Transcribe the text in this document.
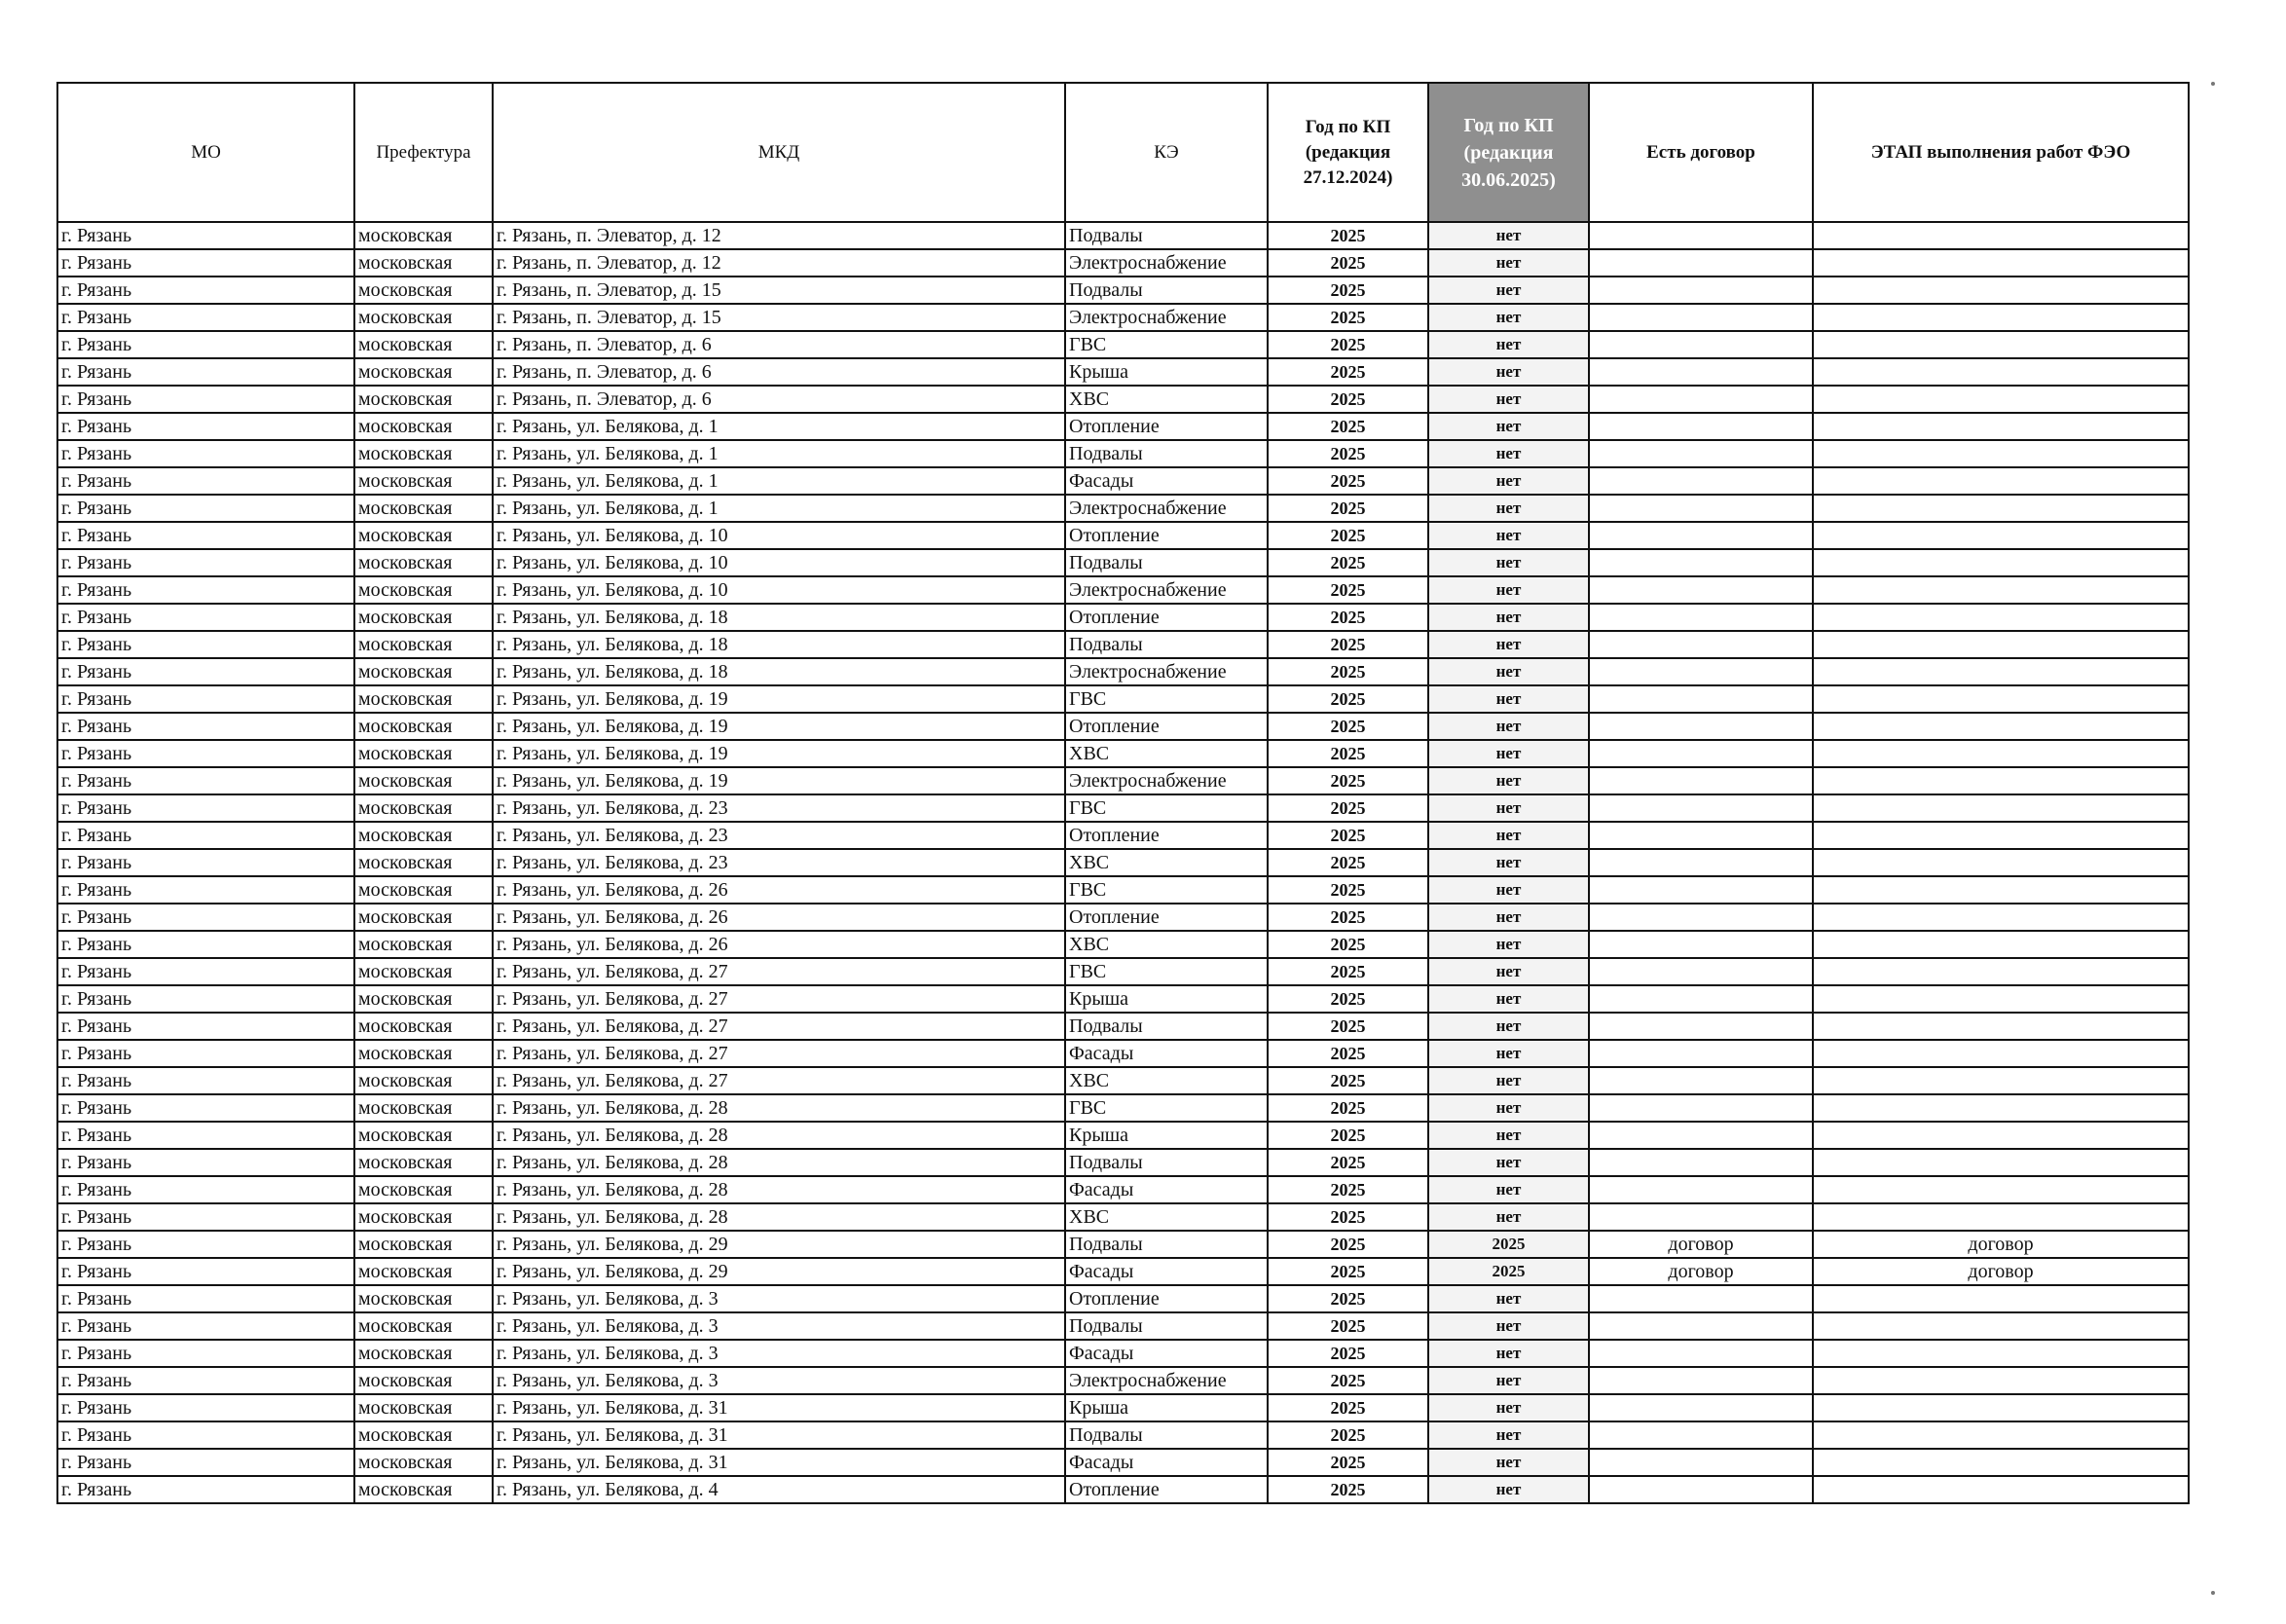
МО	Префектура	МКД	КЭ	Год по КП (редакция 27.12.2024)	Год по КП (редакция 30.06.2025)	Есть договор	ЭТАП выполнения работ ФЭО
г. Рязань	московская	г. Рязань, п. Элеватор, д. 12	Подвалы	2025	нет		
г. Рязань	московская	г. Рязань, п. Элеватор, д. 12	Электроснабжение	2025	нет		
г. Рязань	московская	г. Рязань, п. Элеватор, д. 15	Подвалы	2025	нет		
г. Рязань	московская	г. Рязань, п. Элеватор, д. 15	Электроснабжение	2025	нет		
г. Рязань	московская	г. Рязань, п. Элеватор, д. 6	ГВС	2025	нет		
г. Рязань	московская	г. Рязань, п. Элеватор, д. 6	Крыша	2025	нет		
г. Рязань	московская	г. Рязань, п. Элеватор, д. 6	ХВС	2025	нет		
г. Рязань	московская	г. Рязань, ул. Белякова, д. 1	Отопление	2025	нет		
г. Рязань	московская	г. Рязань, ул. Белякова, д. 1	Подвалы	2025	нет		
г. Рязань	московская	г. Рязань, ул. Белякова, д. 1	Фасады	2025	нет		
г. Рязань	московская	г. Рязань, ул. Белякова, д. 1	Электроснабжение	2025	нет		
г. Рязань	московская	г. Рязань, ул. Белякова, д. 10	Отопление	2025	нет		
г. Рязань	московская	г. Рязань, ул. Белякова, д. 10	Подвалы	2025	нет		
г. Рязань	московская	г. Рязань, ул. Белякова, д. 10	Электроснабжение	2025	нет		
г. Рязань	московская	г. Рязань, ул. Белякова, д. 18	Отопление	2025	нет		
г. Рязань	московская	г. Рязань, ул. Белякова, д. 18	Подвалы	2025	нет		
г. Рязань	московская	г. Рязань, ул. Белякова, д. 18	Электроснабжение	2025	нет		
г. Рязань	московская	г. Рязань, ул. Белякова, д. 19	ГВС	2025	нет		
г. Рязань	московская	г. Рязань, ул. Белякова, д. 19	Отопление	2025	нет		
г. Рязань	московская	г. Рязань, ул. Белякова, д. 19	ХВС	2025	нет		
г. Рязань	московская	г. Рязань, ул. Белякова, д. 19	Электроснабжение	2025	нет		
г. Рязань	московская	г. Рязань, ул. Белякова, д. 23	ГВС	2025	нет		
г. Рязань	московская	г. Рязань, ул. Белякова, д. 23	Отопление	2025	нет		
г. Рязань	московская	г. Рязань, ул. Белякова, д. 23	ХВС	2025	нет		
г. Рязань	московская	г. Рязань, ул. Белякова, д. 26	ГВС	2025	нет		
г. Рязань	московская	г. Рязань, ул. Белякова, д. 26	Отопление	2025	нет		
г. Рязань	московская	г. Рязань, ул. Белякова, д. 26	ХВС	2025	нет		
г. Рязань	московская	г. Рязань, ул. Белякова, д. 27	ГВС	2025	нет		
г. Рязань	московская	г. Рязань, ул. Белякова, д. 27	Крыша	2025	нет		
г. Рязань	московская	г. Рязань, ул. Белякова, д. 27	Подвалы	2025	нет		
г. Рязань	московская	г. Рязань, ул. Белякова, д. 27	Фасады	2025	нет		
г. Рязань	московская	г. Рязань, ул. Белякова, д. 27	ХВС	2025	нет		
г. Рязань	московская	г. Рязань, ул. Белякова, д. 28	ГВС	2025	нет		
г. Рязань	московская	г. Рязань, ул. Белякова, д. 28	Крыша	2025	нет		
г. Рязань	московская	г. Рязань, ул. Белякова, д. 28	Подвалы	2025	нет		
г. Рязань	московская	г. Рязань, ул. Белякова, д. 28	Фасады	2025	нет		
г. Рязань	московская	г. Рязань, ул. Белякова, д. 28	ХВС	2025	нет		
г. Рязань	московская	г. Рязань, ул. Белякова, д. 29	Подвалы	2025	2025	договор	договор
г. Рязань	московская	г. Рязань, ул. Белякова, д. 29	Фасады	2025	2025	договор	договор
г. Рязань	московская	г. Рязань, ул. Белякова, д. 3	Отопление	2025	нет		
г. Рязань	московская	г. Рязань, ул. Белякова, д. 3	Подвалы	2025	нет		
г. Рязань	московская	г. Рязань, ул. Белякова, д. 3	Фасады	2025	нет		
г. Рязань	московская	г. Рязань, ул. Белякова, д. 3	Электроснабжение	2025	нет		
г. Рязань	московская	г. Рязань, ул. Белякова, д. 31	Крыша	2025	нет		
г. Рязань	московская	г. Рязань, ул. Белякова, д. 31	Подвалы	2025	нет		
г. Рязань	московская	г. Рязань, ул. Белякова, д. 31	Фасады	2025	нет		
г. Рязань	московская	г. Рязань, ул. Белякова, д. 4	Отопление	2025	нет		
